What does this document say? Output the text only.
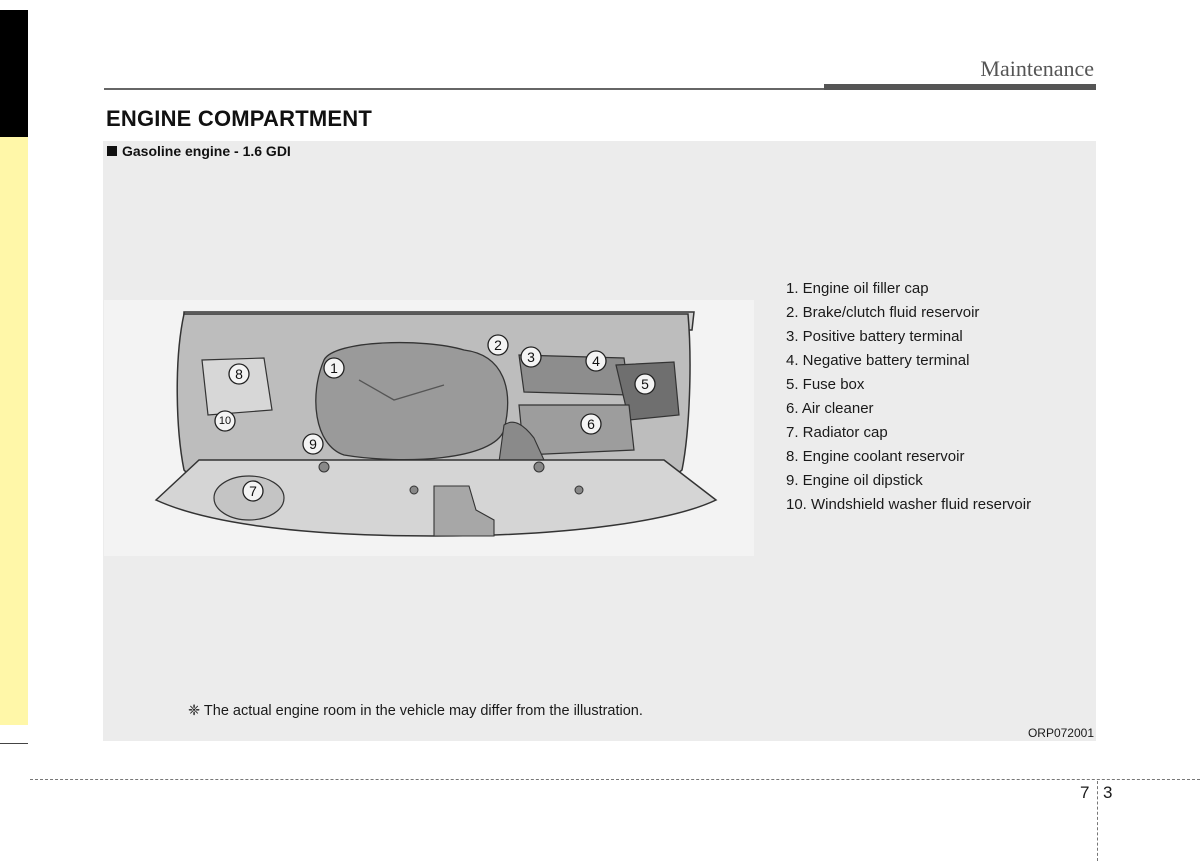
Maintenance
ENGINE COMPARTMENT
Gasoline engine - 1.6 GDI
1
2
3	4
5
6
7
8
9
10
1. Engine oil filler cap
2. Brake/clutch fluid reservoir
3. Positive battery terminal
4. Negative battery terminal
5. Fuse box
6. Air cleaner
7. Radiator cap
8. Engine coolant reservoir
9. Engine oil dipstick
10. Windshield washer fluid reservoir
❈ The actual engine room in the vehicle may differ from the illustration.
ORP072001
7 3
